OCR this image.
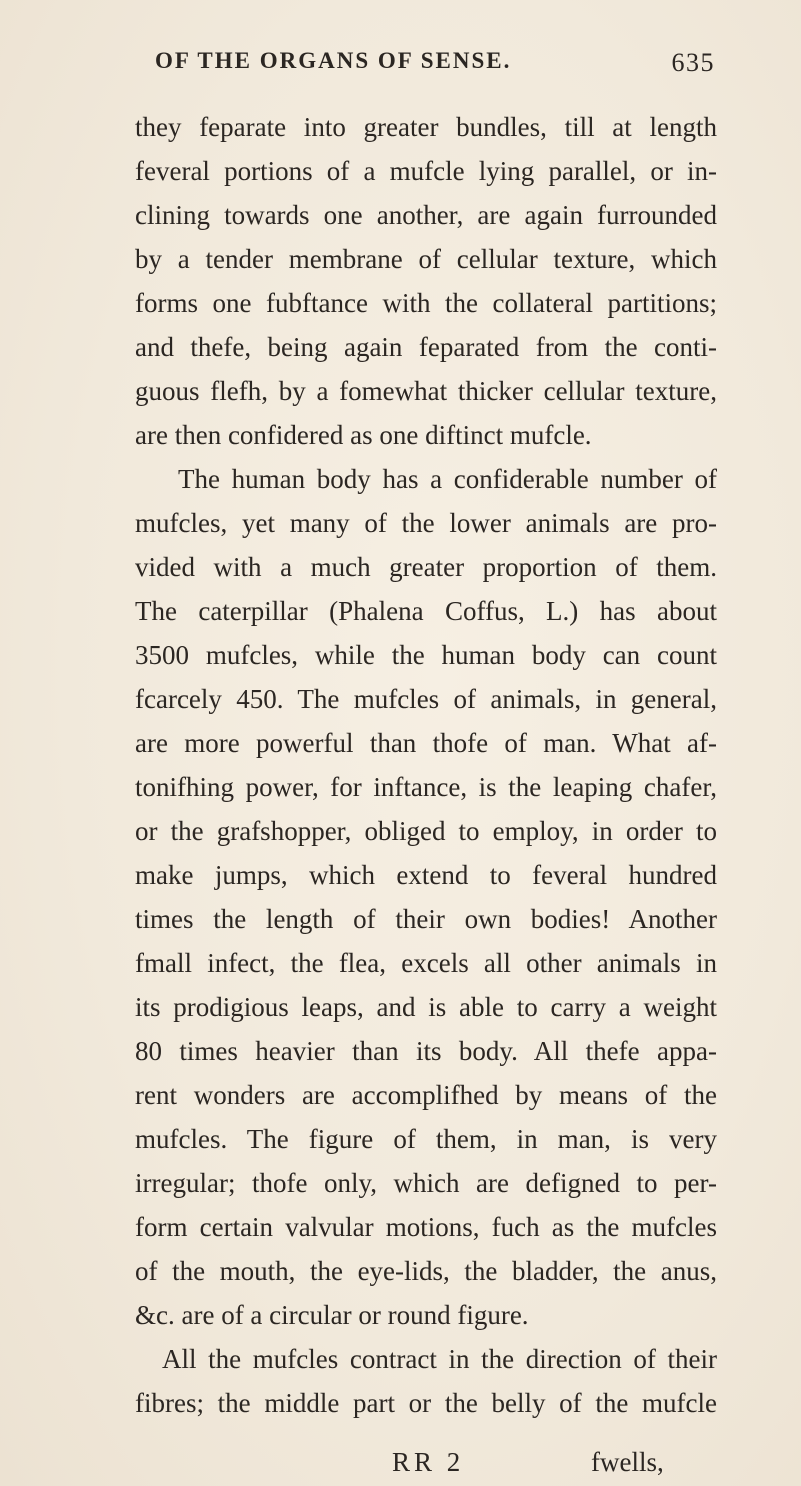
OF THE ORGANS OF SENSE.	635
they feparate into greater bundles, till at length
feveral portions of a mufcle lying parallel, or in-
clining towards one another, are again furrounded
by a tender membrane of cellular texture, which
forms one fubftance with the collateral partitions;
and thefe, being again feparated from the conti-
guous flefh, by a fomewhat thicker cellular texture,
are then confidered as one diftinct mufcle.
The human body has a confiderable number of
mufcles, yet many of the lower animals are pro-
vided with a much greater proportion of them.
The caterpillar (Phalena Coffus, L.) has about
3500 mufcles, while the human body can count
fcarcely 450. The mufcles of animals, in general,
are more powerful than thofe of man. What af-
tonifhing power, for inftance, is the leaping chafer,
or the grafshopper, obliged to employ, in order to
make jumps, which extend to feveral hundred
times the length of their own bodies! Another
fmall infect, the flea, excels all other animals in
its prodigious leaps, and is able to carry a weight
80 times heavier than its body. All thefe appa-
rent wonders are accomplifhed by means of the
mufcles. The figure of them, in man, is very
irregular; thofe only, which are defigned to per-
form certain valvular motions, fuch as the mufcles
of the mouth, the eye-lids, the bladder, the anus,
&c. are of a circular or round figure.
All the mufcles contract in the direction of their
fibres; the middle part or the belly of the mufcle
RR 2	fwells,
